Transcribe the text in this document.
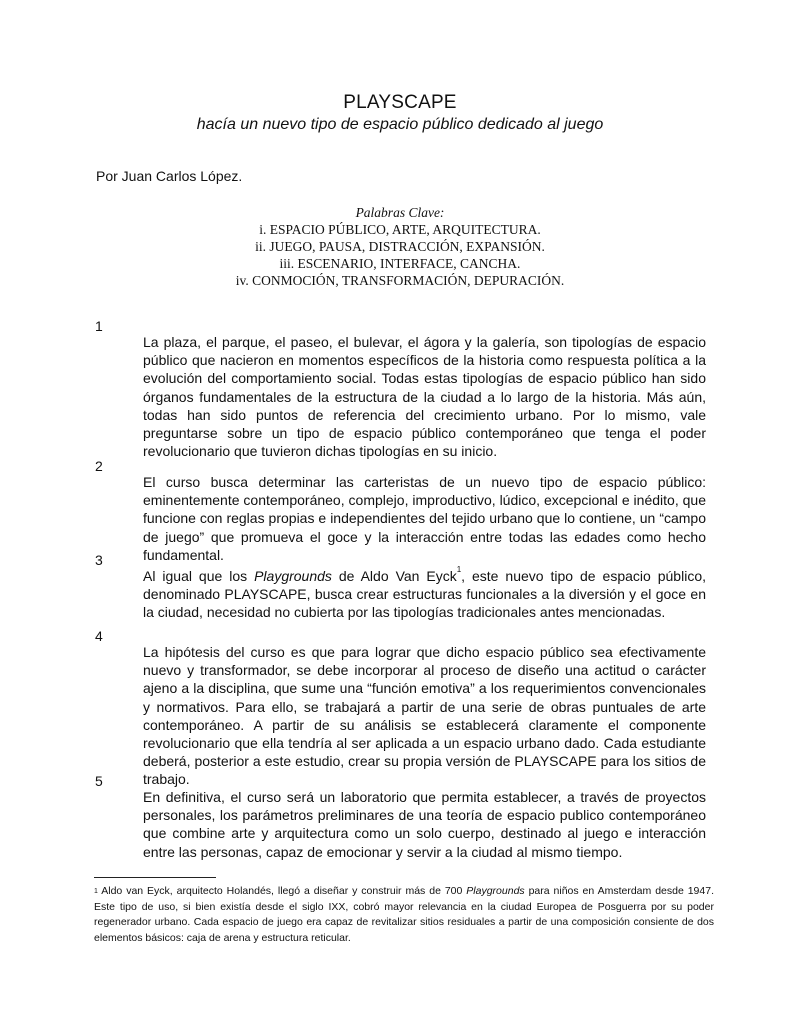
PLAYSCAPE
hacía un nuevo tipo de espacio público dedicado al juego
Por Juan Carlos López.
Palabras Clave:
i. ESPACIO PÚBLICO, ARTE, ARQUITECTURA.
ii. JUEGO, PAUSA, DISTRACCIÓN, EXPANSIÓN.
iii. ESCENARIO, INTERFACE, CANCHA.
iv. CONMOCIÓN, TRANSFORMACIÓN, DEPURACIÓN.
1
La plaza, el parque, el paseo, el bulevar, el ágora y la galería, son tipologías de espacio público que nacieron en momentos específicos de la historia como respuesta política a la evolución del comportamiento social. Todas estas tipologías de espacio público han sido órganos fundamentales de la estructura de la ciudad a lo largo de la historia. Más aún, todas han sido puntos de referencia del crecimiento urbano. Por lo mismo, vale preguntarse sobre un tipo de espacio público contemporáneo que tenga el poder revolucionario que tuvieron dichas tipologías en su inicio.
2
El curso busca determinar las carteristas de un nuevo tipo de espacio público: eminentemente contemporáneo, complejo, improductivo, lúdico, excepcional e inédito, que funcione con reglas propias e independientes del tejido urbano que lo contiene, un “campo de juego” que promueva el goce y la interacción entre todas las edades como hecho fundamental.
3
Al igual que los Playgrounds de Aldo Van Eyck$^1$, este nuevo tipo de espacio público, denominado PLAYSCAPE, busca crear estructuras funcionales a la diversión y el goce en la ciudad, necesidad no cubierta por las tipologías tradicionales antes mencionadas.
4
La hipótesis del curso es que para lograr que dicho espacio público sea efectivamente nuevo y transformador, se debe incorporar al proceso de diseño una actitud o carácter ajeno a la disciplina, que sume una “función emotiva” a los requerimientos convencionales y normativos. Para ello, se trabajará a partir de una serie de obras puntuales de arte contemporáneo. A partir de su análisis se establecerá claramente el componente revolucionario que ella tendría al ser aplicada a un espacio urbano dado. Cada estudiante deberá, posterior a este estudio, crear su propia versión de PLAYSCAPE para los sitios de trabajo.
5
En definitiva, el curso será un laboratorio que permita establecer, a través de proyectos personales, los parámetros preliminares de una teoría de espacio publico contemporáneo que combine arte y arquitectura como un solo cuerpo, destinado al juego e interacción entre las personas, capaz de emocionar y servir a la ciudad al mismo tiempo.
$^1$ Aldo van Eyck, arquitecto Holandés, llegó a diseñar y construir más de 700 Playgrounds para niños en Amsterdam desde 1947. Este tipo de uso, si bien existía desde el siglo IXX, cobró mayor relevancia en la ciudad Europea de Posguerra por su poder regenerador urbano. Cada espacio de juego era capaz de revitalizar sitios residuales a partir de una composición consiente de dos elementos básicos: caja de arena y estructura reticular.
